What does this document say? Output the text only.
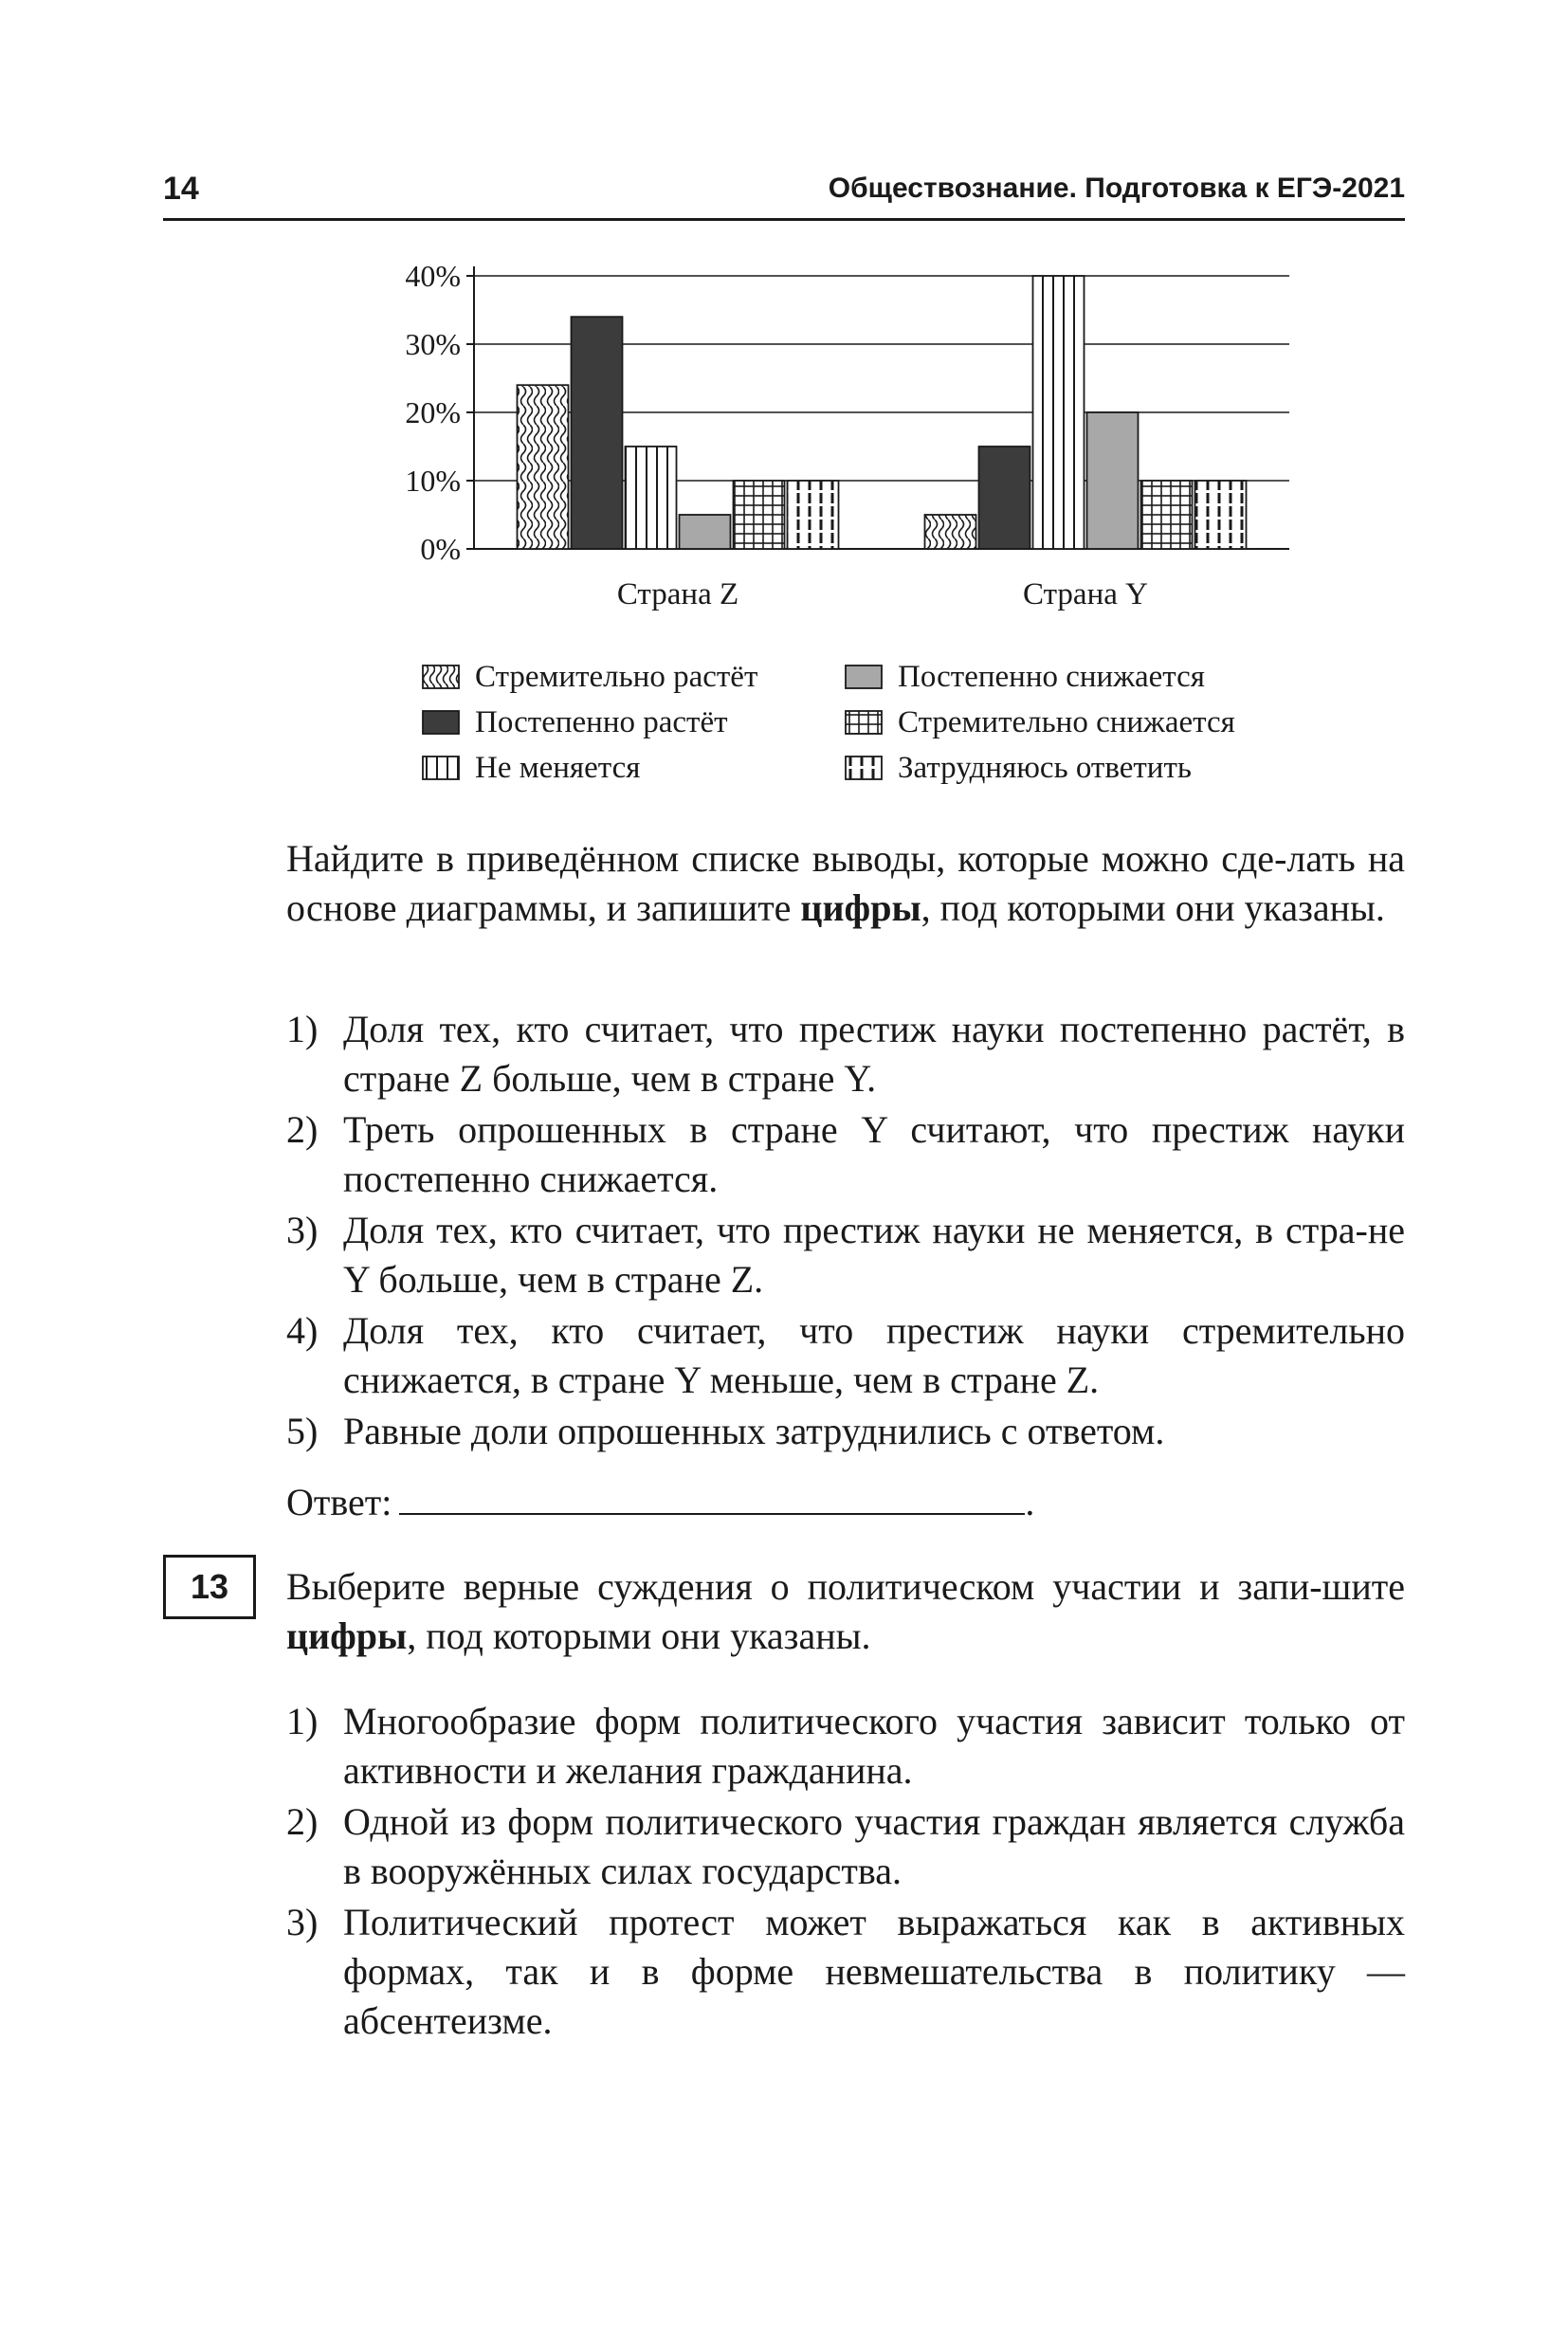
14	Обществознание. Подготовка к ЕГЭ-2021
0%
10%
20%
30%
40%
Страна Z	Страна Y
Стремительно растёт
Постепенно растёт
Не меняется
Постепенно снижается
Стремительно снижается
Затрудняюсь ответить
Найдите в приведённом списке выводы, которые можно сде-лать на основе диаграммы, и запишите цифры, под которыми они указаны.
1) Доля тех, кто считает, что престиж науки постепенно растёт, в стране Z больше, чем в стране Y.
2) Треть опрошенных в стране Y считают, что престиж науки постепенно снижается.
3) Доля тех, кто считает, что престиж науки не меняется, в стра-не Y больше, чем в стране Z.
4) Доля тех, кто считает, что престиж науки стремительно снижается, в стране Y меньше, чем в стране Z.
5) Равные доли опрошенных затруднились с ответом.
Ответ:	.
13	Выберите верные суждения о политическом участии и запи-шите цифры, под которыми они указаны.
1) Многообразие форм политического участия зависит только от активности и желания гражданина.
2) Одной из форм политического участия граждан является служба в вооружённых силах государства.
3) Политический протест может выражаться как в активных формах, так и в форме невмешательства в политику — абсентеизме.
